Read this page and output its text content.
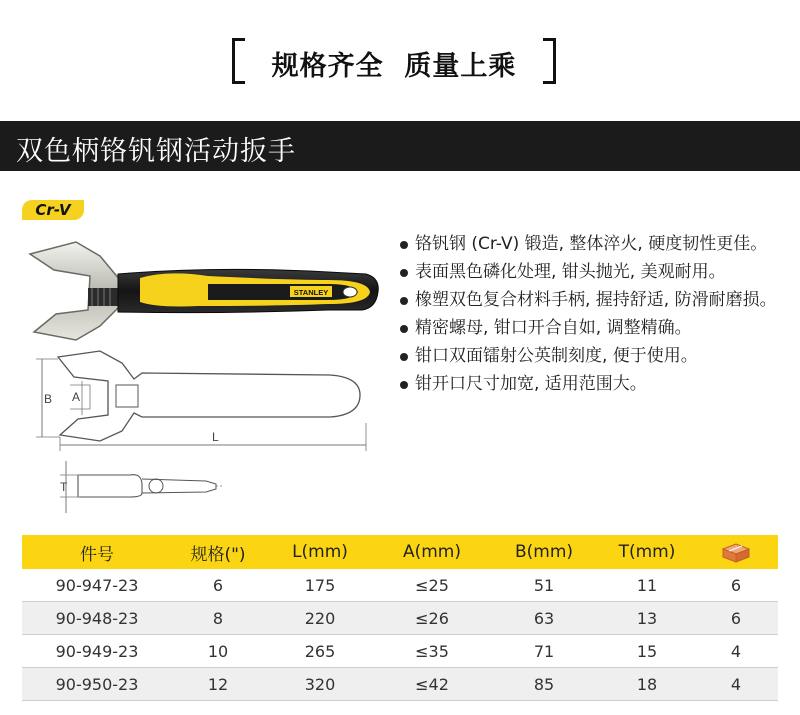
规格齐全  质量上乘
双色柄铬钒钢活动扳手
Cr-V
STANLEY
B A
L
T
铬钒钢 (Cr-V) 锻造, 整体淬火, 硬度韧性更佳。
表面黑色磷化处理, 钳头抛光, 美观耐用。
橡塑双色复合材料手柄, 握持舒适, 防滑耐磨损。
精密螺母, 钳口开合自如, 调整精确。
钳口双面镭射公英制刻度, 便于使用。
钳开口尺寸加宽, 适用范围大。
件号	规格(")	L(mm)	A(mm)	B(mm)	T(mm)	
90-947-23	6	175	≤25	51	11	6
90-948-23	8	220	≤26	63	13	6
90-949-23	10	265	≤35	71	15	4
90-950-23	12	320	≤42	85	18	4
